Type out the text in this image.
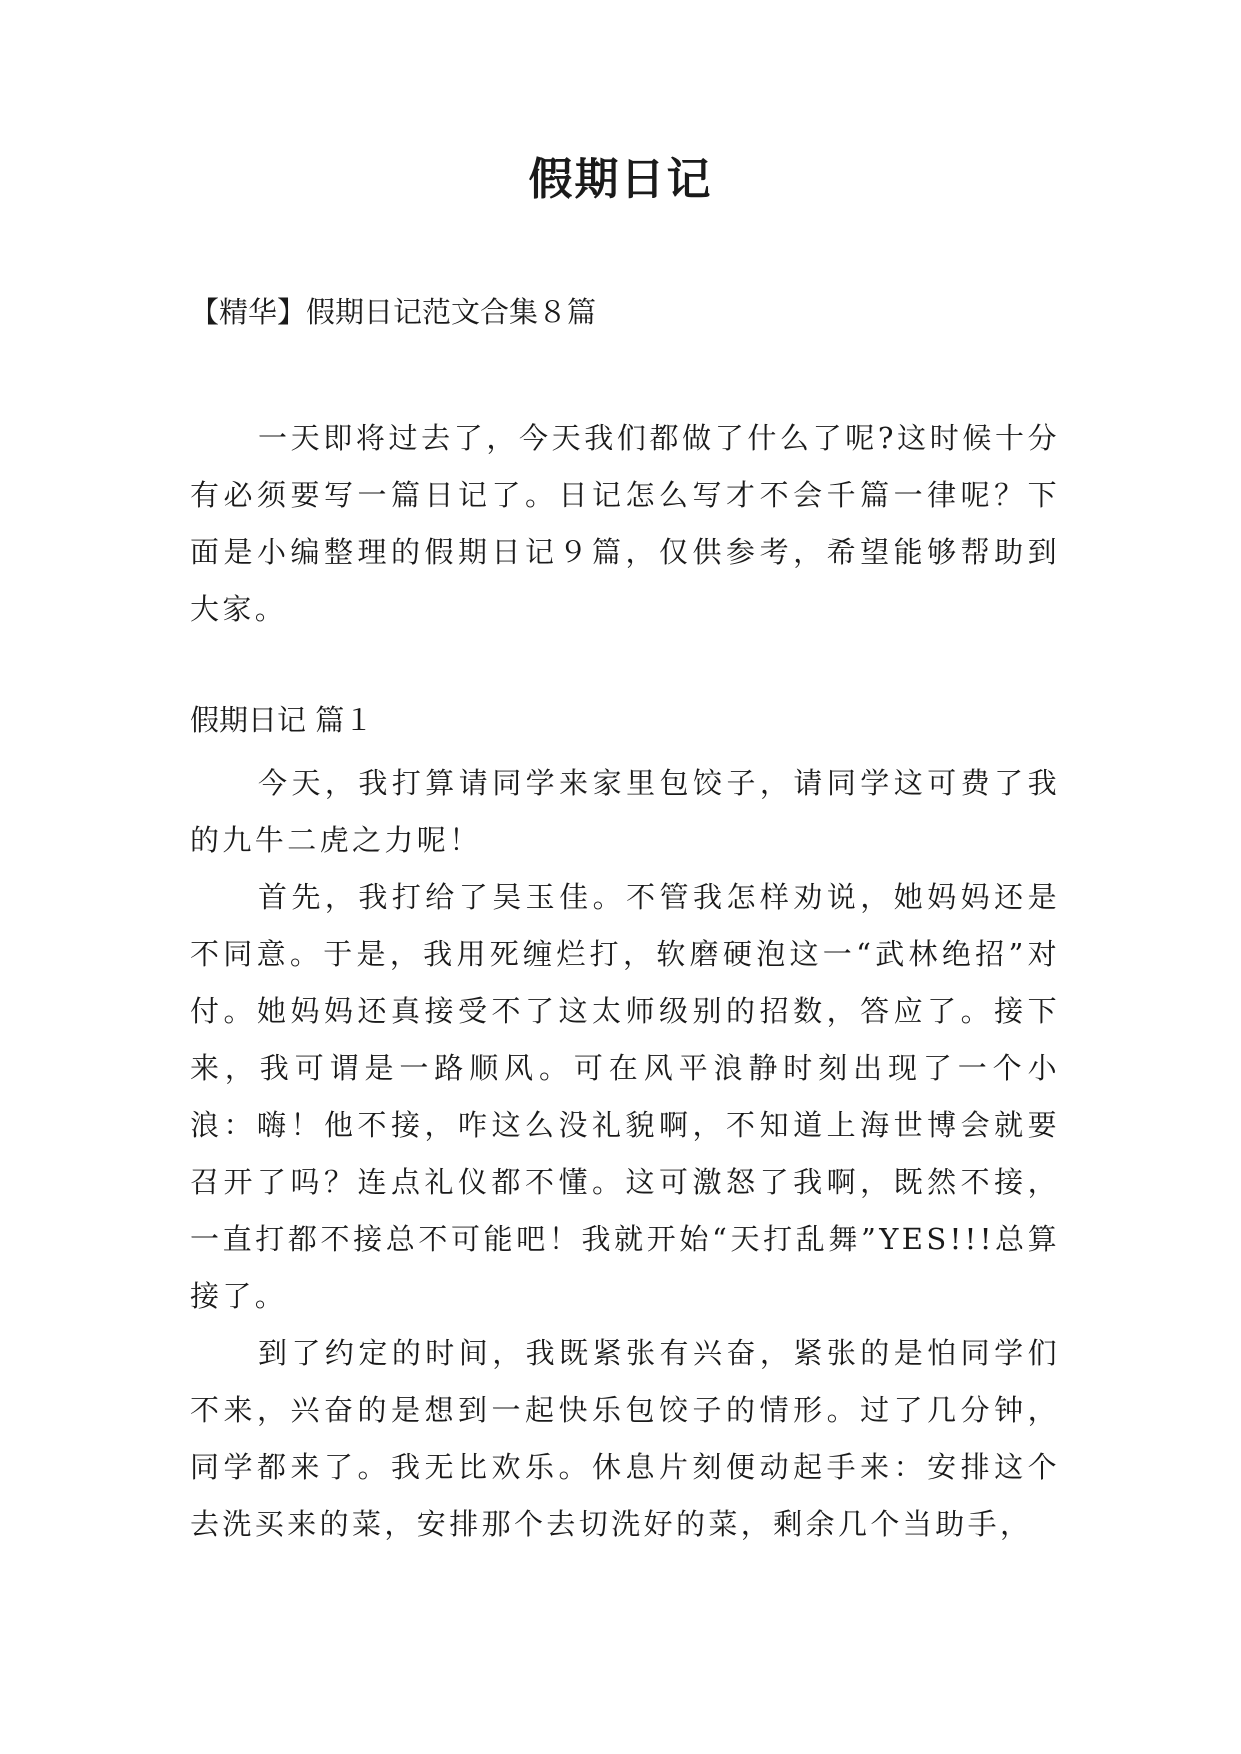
假期日记
【精华】假期日记范文合集８篇

一天即将过去了，今天我们都做了什么了呢?这时候十分有必须要写一篇日记了。日记怎么写才不会千篇一律呢？下面是小编整理的假期日记９篇，仅供参考，希望能够帮助到大家。

假期日记 篇１

今天，我打算请同学来家里包饺子，请同学这可费了我的九牛二虎之力呢！

首先，我打给了吴玉佳。不管我怎样劝说，她妈妈还是不同意。于是，我用死缠烂打，软磨硬泡这一“武林绝招”对付。她妈妈还真接受不了这太师级别的招数，答应了。接下来，我可谓是一路顺风。可在风平浪静时刻出现了一个小浪：嗨！他不接，咋这么没礼貌啊，不知道上海世博会就要召开了吗？连点礼仪都不懂。这可激怒了我啊，既然不接，一直打都不接总不可能吧！我就开始“天打乱舞”YES!!!总算接了。

到了约定的时间，我既紧张有兴奋，紧张的是怕同学们不来，兴奋的是想到一起快乐包饺子的情形。过了几分钟，同学都来了。我无比欢乐。休息片刻便动起手来：安排这个去洗买来的菜，安排那个去切洗好的菜，剩余几个当助手，
